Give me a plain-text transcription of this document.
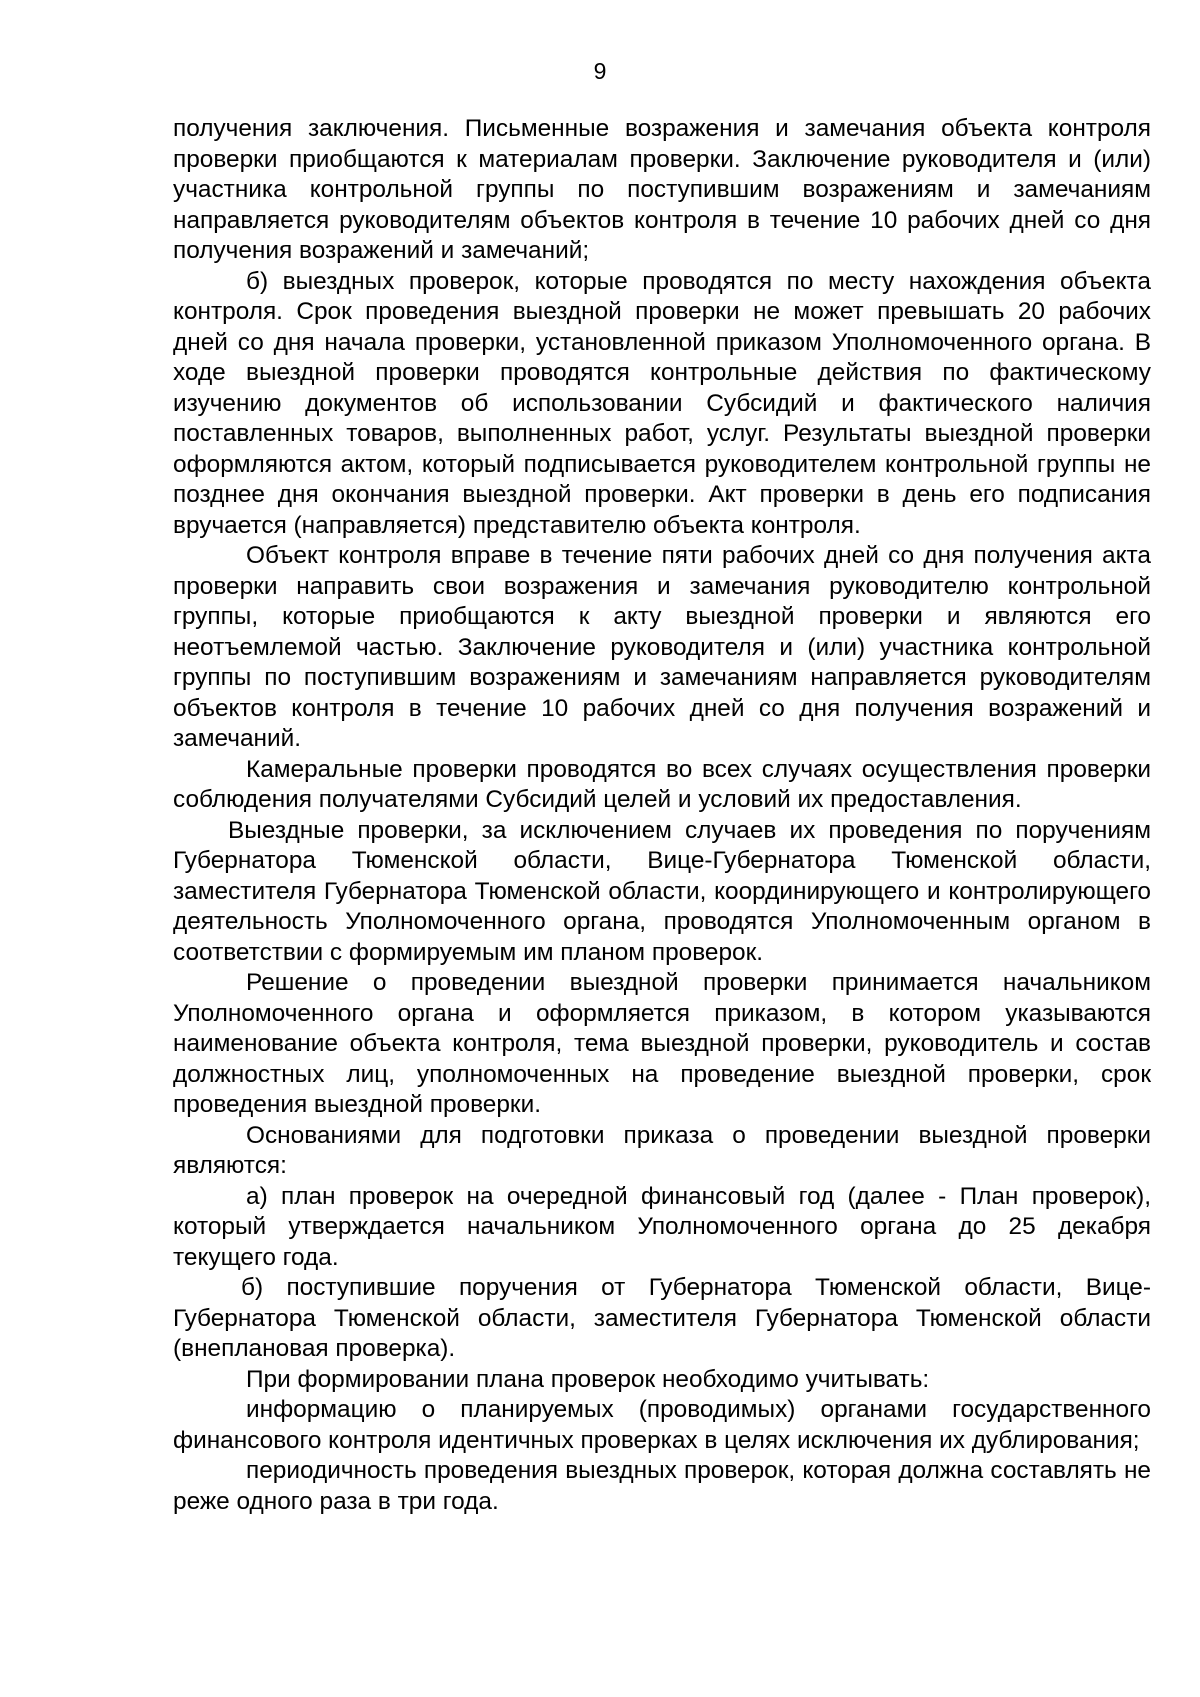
9

получения заключения. Письменные возражения и замечания объекта контроля проверки приобщаются к материалам проверки. Заключение руководителя и (или) участника контрольной группы по поступившим возражениям и замечаниям направляется руководителям объектов контроля в течение 10 рабочих дней со дня получения возражений и замечаний;

б) выездных проверок, которые проводятся по месту нахождения объекта контроля. Срок проведения выездной проверки не может превышать 20 рабочих дней со дня начала проверки, установленной приказом Уполномоченного органа. В ходе выездной проверки проводятся контрольные действия по фактическому изучению документов об использовании Субсидий и фактического наличия поставленных товаров, выполненных работ, услуг. Результаты выездной проверки оформляются актом, который подписывается руководителем контрольной группы не позднее дня окончания выездной проверки. Акт проверки в день его подписания вручается (направляется) представителю объекта контроля.

Объект контроля вправе в течение пяти рабочих дней со дня получения акта проверки направить свои возражения и замечания руководителю контрольной группы, которые приобщаются к акту выездной проверки и являются его неотъемлемой частью. Заключение руководителя и (или) участника контрольной группы по поступившим возражениям и замечаниям направляется руководителям объектов контроля в течение 10 рабочих дней со дня получения возражений и замечаний.

Камеральные проверки проводятся во всех случаях осуществления проверки соблюдения получателями Субсидий целей и условий их предоставления.

Выездные проверки, за исключением случаев их проведения по поручениям Губернатора Тюменской области, Вице-Губернатора Тюменской области, заместителя Губернатора Тюменской области, координирующего и контролирующего деятельность Уполномоченного органа, проводятся Уполномоченным органом в соответствии с формируемым им планом проверок.

Решение о проведении выездной проверки принимается начальником Уполномоченного органа и оформляется приказом, в котором указываются наименование объекта контроля, тема выездной проверки, руководитель и состав должностных лиц, уполномоченных на проведение выездной проверки, срок проведения выездной проверки.

Основаниями для подготовки приказа о проведении выездной проверки являются:

а) план проверок на очередной финансовый год (далее - План проверок), который утверждается начальником Уполномоченного органа до 25 декабря текущего года.

б) поступившие поручения от Губернатора Тюменской области, Вице-Губернатора Тюменской области, заместителя Губернатора Тюменской области (внеплановая проверка).

При формировании плана проверок необходимо учитывать:

информацию о планируемых (проводимых) органами государственного финансового контроля идентичных проверках в целях исключения их дублирования;

периодичность проведения выездных проверок, которая должна составлять не реже одного раза в три года.
